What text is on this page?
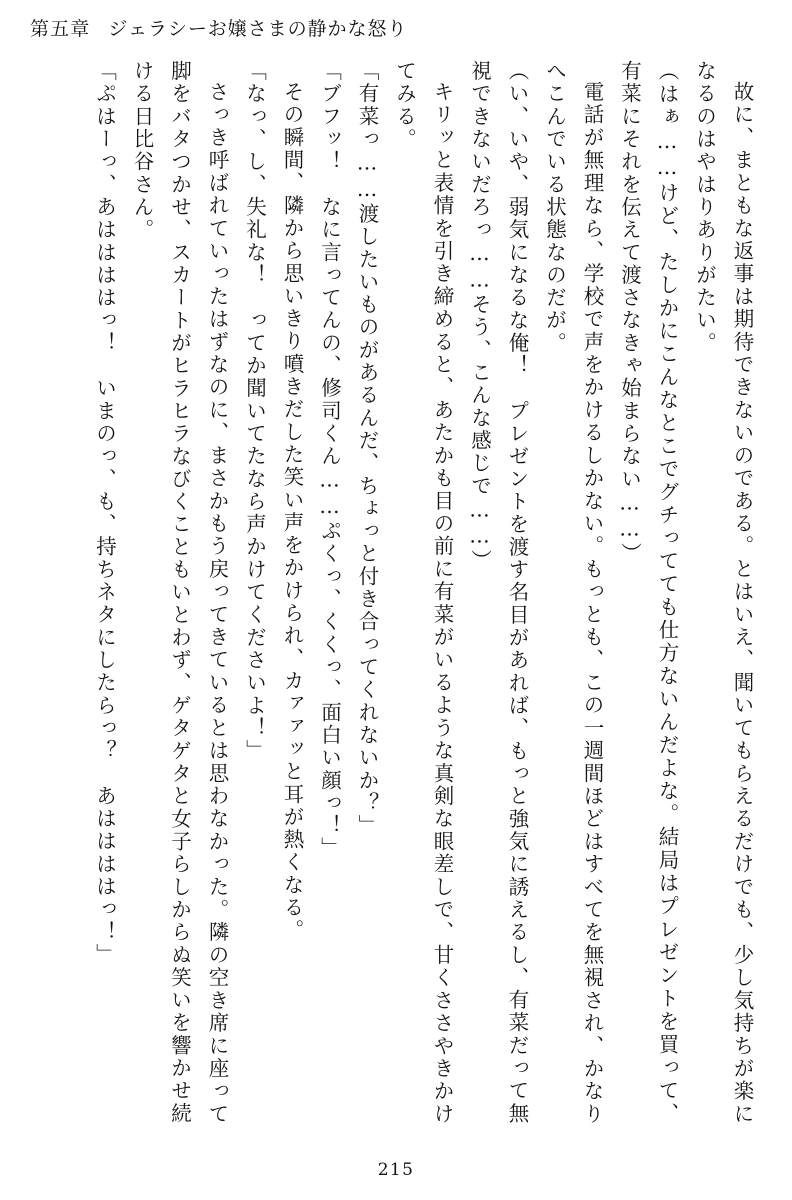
第五章 ジェラシーお嬢さまの静かな怒り

故に、まともな返事は期待できないのである。とはいえ、聞いてもらえるだけでも、少し気持ちが楽になるのはやはりありがたい。

（はぁ……けど、たしかにこんなとこでグチってても仕方ないんだよな。結局はプレゼントを買って、有菜にそれを伝えて渡さなきゃ始まらない……）

電話が無理なら、学校で声をかけるしかない。もっとも、この一週間ほどはすべてを無視され、かなりへこんでいる状態なのだが。

（い、いや、弱気になるな俺！　プレゼントを渡す名目があれば、もっと強気に誘えるし、有菜だって無視できないだろっ……そう、こんな感じで……）

キリッと表情を引き締めると、あたかも目の前に有菜がいるような真剣な眼差しで、甘くささやきかけてみる。

「有菜っ……渡したいものがあるんだ、ちょっと付き合ってくれないか？」

「ブフッ！　なに言ってんの、修司くん……ぷくっ、くくっ、面白い顔っ！」

その瞬間、隣から思いきり噴きだした笑い声をかけられ、カァァッと耳が熱くなる。

「なっ、し、失礼な！　ってか聞いてたなら声かけてくださいよ！」

さっき呼ばれていったはずなのに、まさかもう戻ってきているとは思わなかった。隣の空き席に座って脚をバタつかせ、スカートがヒラヒラなびくこともいとわず、ゲタゲタと女子らしからぬ笑いを響かせ続ける日比谷さん。

「ぷはーっ、あははははっ！　いまのっ、も、持ちネタにしたらっ？　あははははっ！」

215
